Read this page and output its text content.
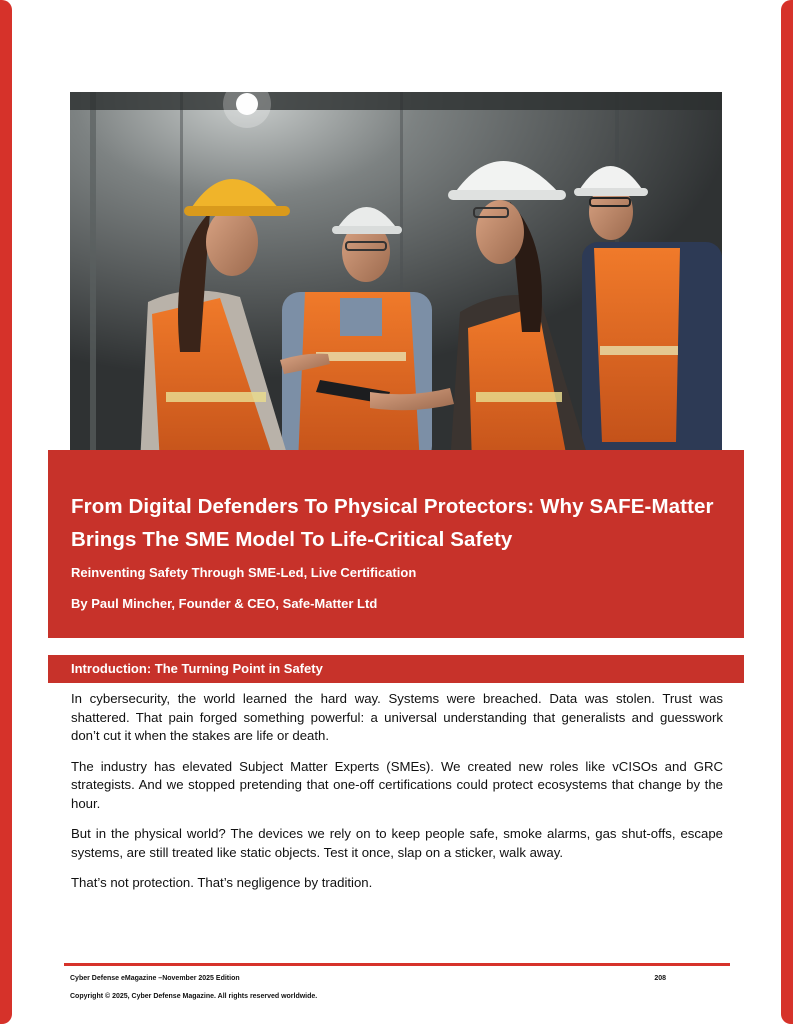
From Digital Defenders To Physical Protectors: Why SAFE-Matter Brings The SME Model To Life-Critical Safety
Reinventing Safety Through SME-Led, Live Certification
By Paul Mincher, Founder & CEO, Safe-Matter Ltd
Introduction: The Turning Point in Safety

In cybersecurity, the world learned the hard way. Systems were breached. Data was stolen. Trust was shattered. That pain forged something powerful: a universal understanding that generalists and guesswork don’t cut it when the stakes are life or death.

The industry has elevated Subject Matter Experts (SMEs). We created new roles like vCISOs and GRC strategists. And we stopped pretending that one-off certifications could protect ecosystems that change by the hour.

But in the physical world? The devices we rely on to keep people safe, smoke alarms, gas shut-offs, escape systems, are still treated like static objects. Test it once, slap on a sticker, walk away.

That’s not protection. That’s negligence by tradition.

Cyber Defense eMagazine –November 2025 Edition	208
Copyright © 2025, Cyber Defense Magazine. All rights reserved worldwide.
